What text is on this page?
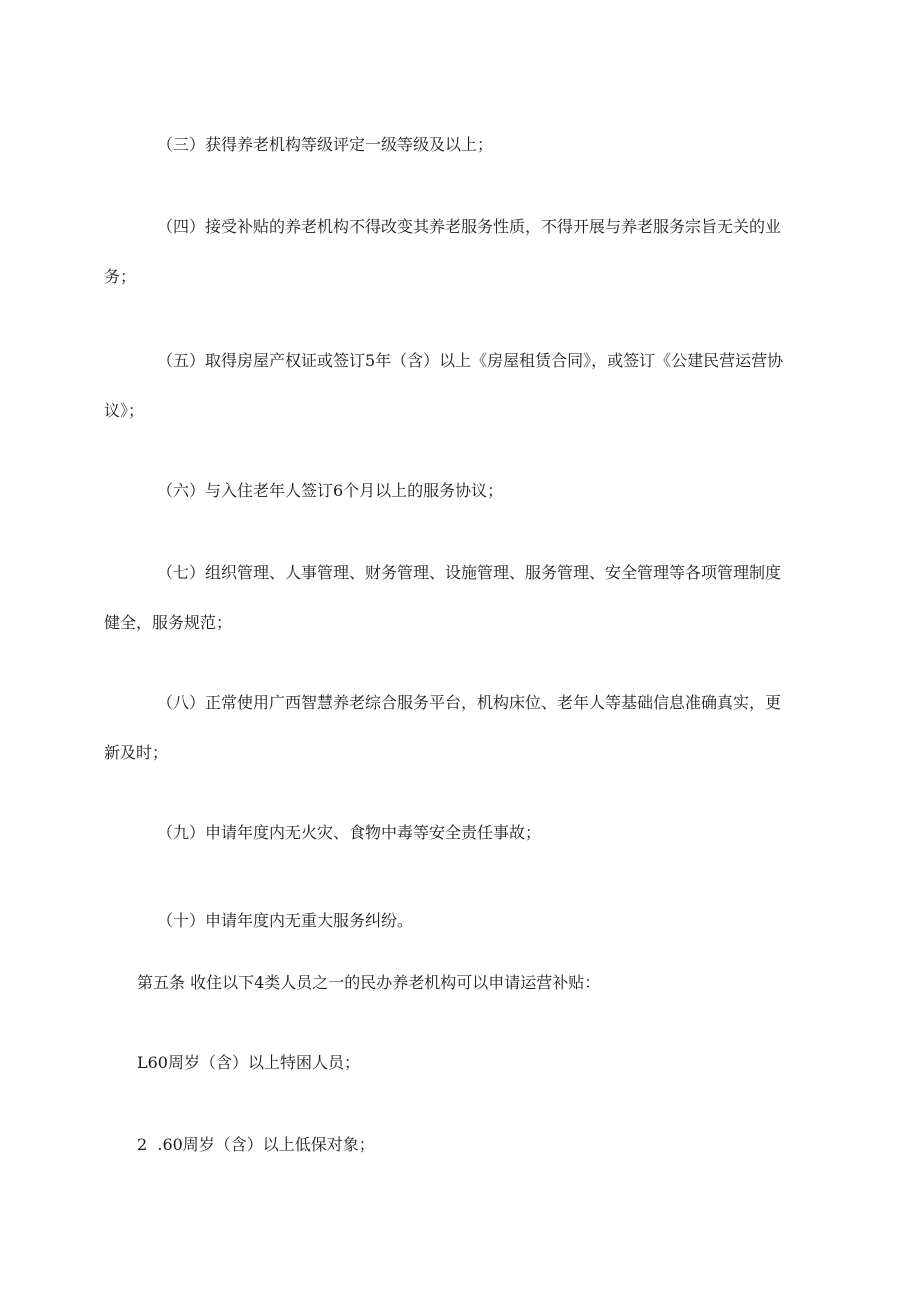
（三）获得养老机构等级评定一级等级及以上；
（四）接受补贴的养老机构不得改变其养老服务性质，不得开展与养老服务宗旨无关的业
务；
（五）取得房屋产权证或签订5年（含）以上《房屋租赁合同》，或签订《公建民营运营协
议》；
（六）与入住老年人签订6个月以上的服务协议；
（七）组织管理、人事管理、财务管理、设施管理、服务管理、安全管理等各项管理制度
健全，服务规范；
（八）正常使用广西智慧养老综合服务平台，机构床位、老年人等基础信息准确真实，更
新及时；
（九）申请年度内无火灾、食物中毒等安全责任事故；
（十）申请年度内无重大服务纠纷。
第五条 收住以下4类人员之一的民办养老机构可以申请运营补贴：
L60周岁（含）以上特困人员；
2  .60周岁（含）以上低保对象；
